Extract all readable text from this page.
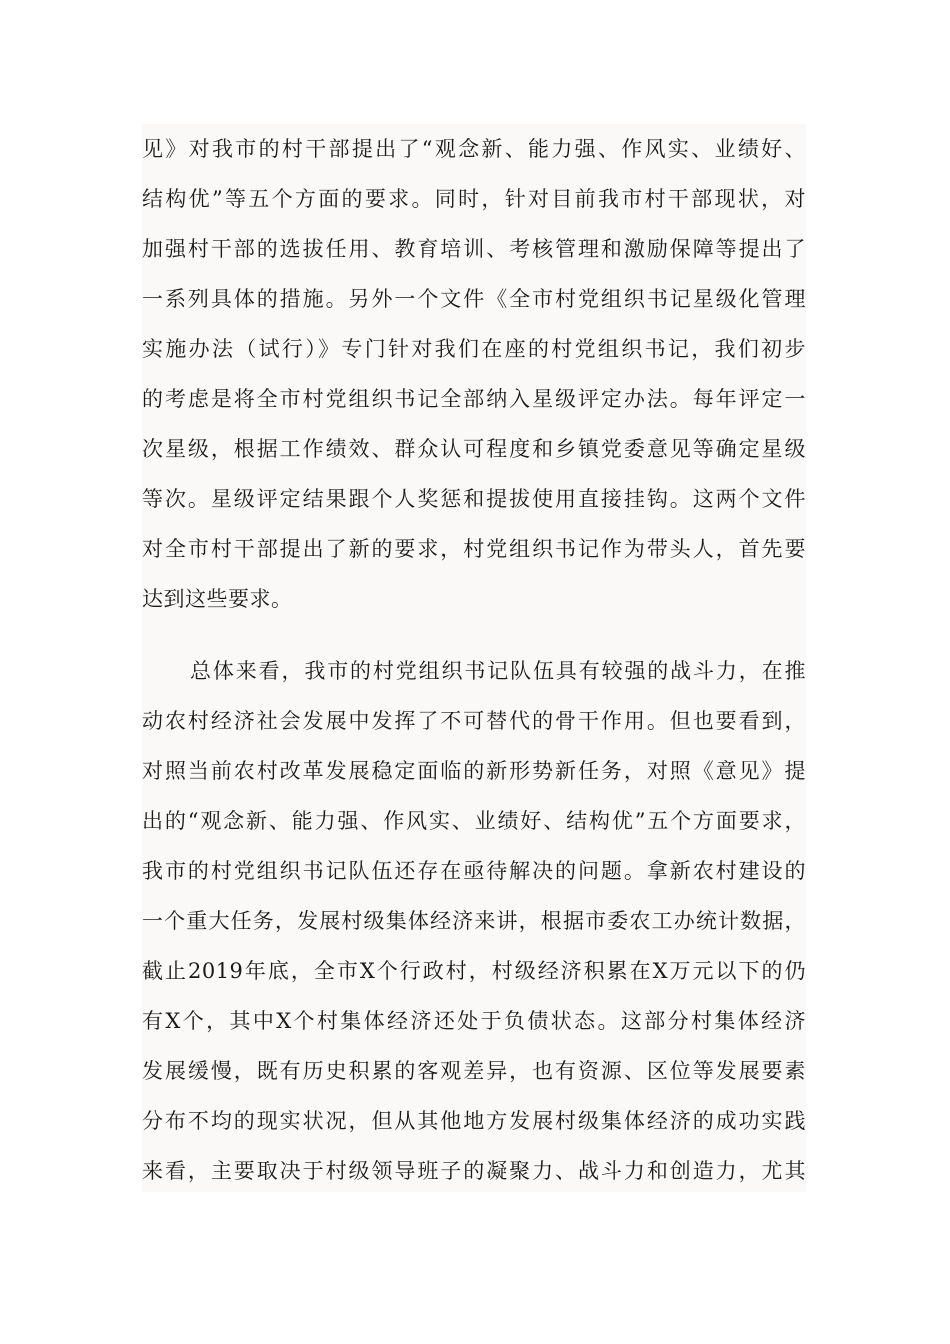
见》对我市的村干部提出了“观念新、能力强、作风实、业绩好、
结构优”等五个方面的要求。同时，针对目前我市村干部现状，对
加强村干部的选拔任用、教育培训、考核管理和激励保障等提出了
一系列具体的措施。另外一个文件《全市村党组织书记星级化管理
实施办法（试行）》专门针对我们在座的村党组织书记，我们初步
的考虑是将全市村党组织书记全部纳入星级评定办法。每年评定一
次星级，根据工作绩效、群众认可程度和乡镇党委意见等确定星级
等次。星级评定结果跟个人奖惩和提拔使用直接挂钩。这两个文件
对全市村干部提出了新的要求，村党组织书记作为带头人，首先要
达到这些要求。
总体来看，我市的村党组织书记队伍具有较强的战斗力，在推
动农村经济社会发展中发挥了不可替代的骨干作用。但也要看到，
对照当前农村改革发展稳定面临的新形势新任务，对照《意见》提
出的“观念新、能力强、作风实、业绩好、结构优”五个方面要求，
我市的村党组织书记队伍还存在亟待解决的问题。拿新农村建设的
一个重大任务，发展村级集体经济来讲，根据市委农工办统计数据，
截止2019年底，全市X个行政村，村级经济积累在X万元以下的仍
有X个，其中X个村集体经济还处于负债状态。这部分村集体经济
发展缓慢，既有历史积累的客观差异，也有资源、区位等发展要素
分布不均的现实状况，但从其他地方发展村级集体经济的成功实践
来看，主要取决于村级领导班子的凝聚力、战斗力和创造力，尤其
